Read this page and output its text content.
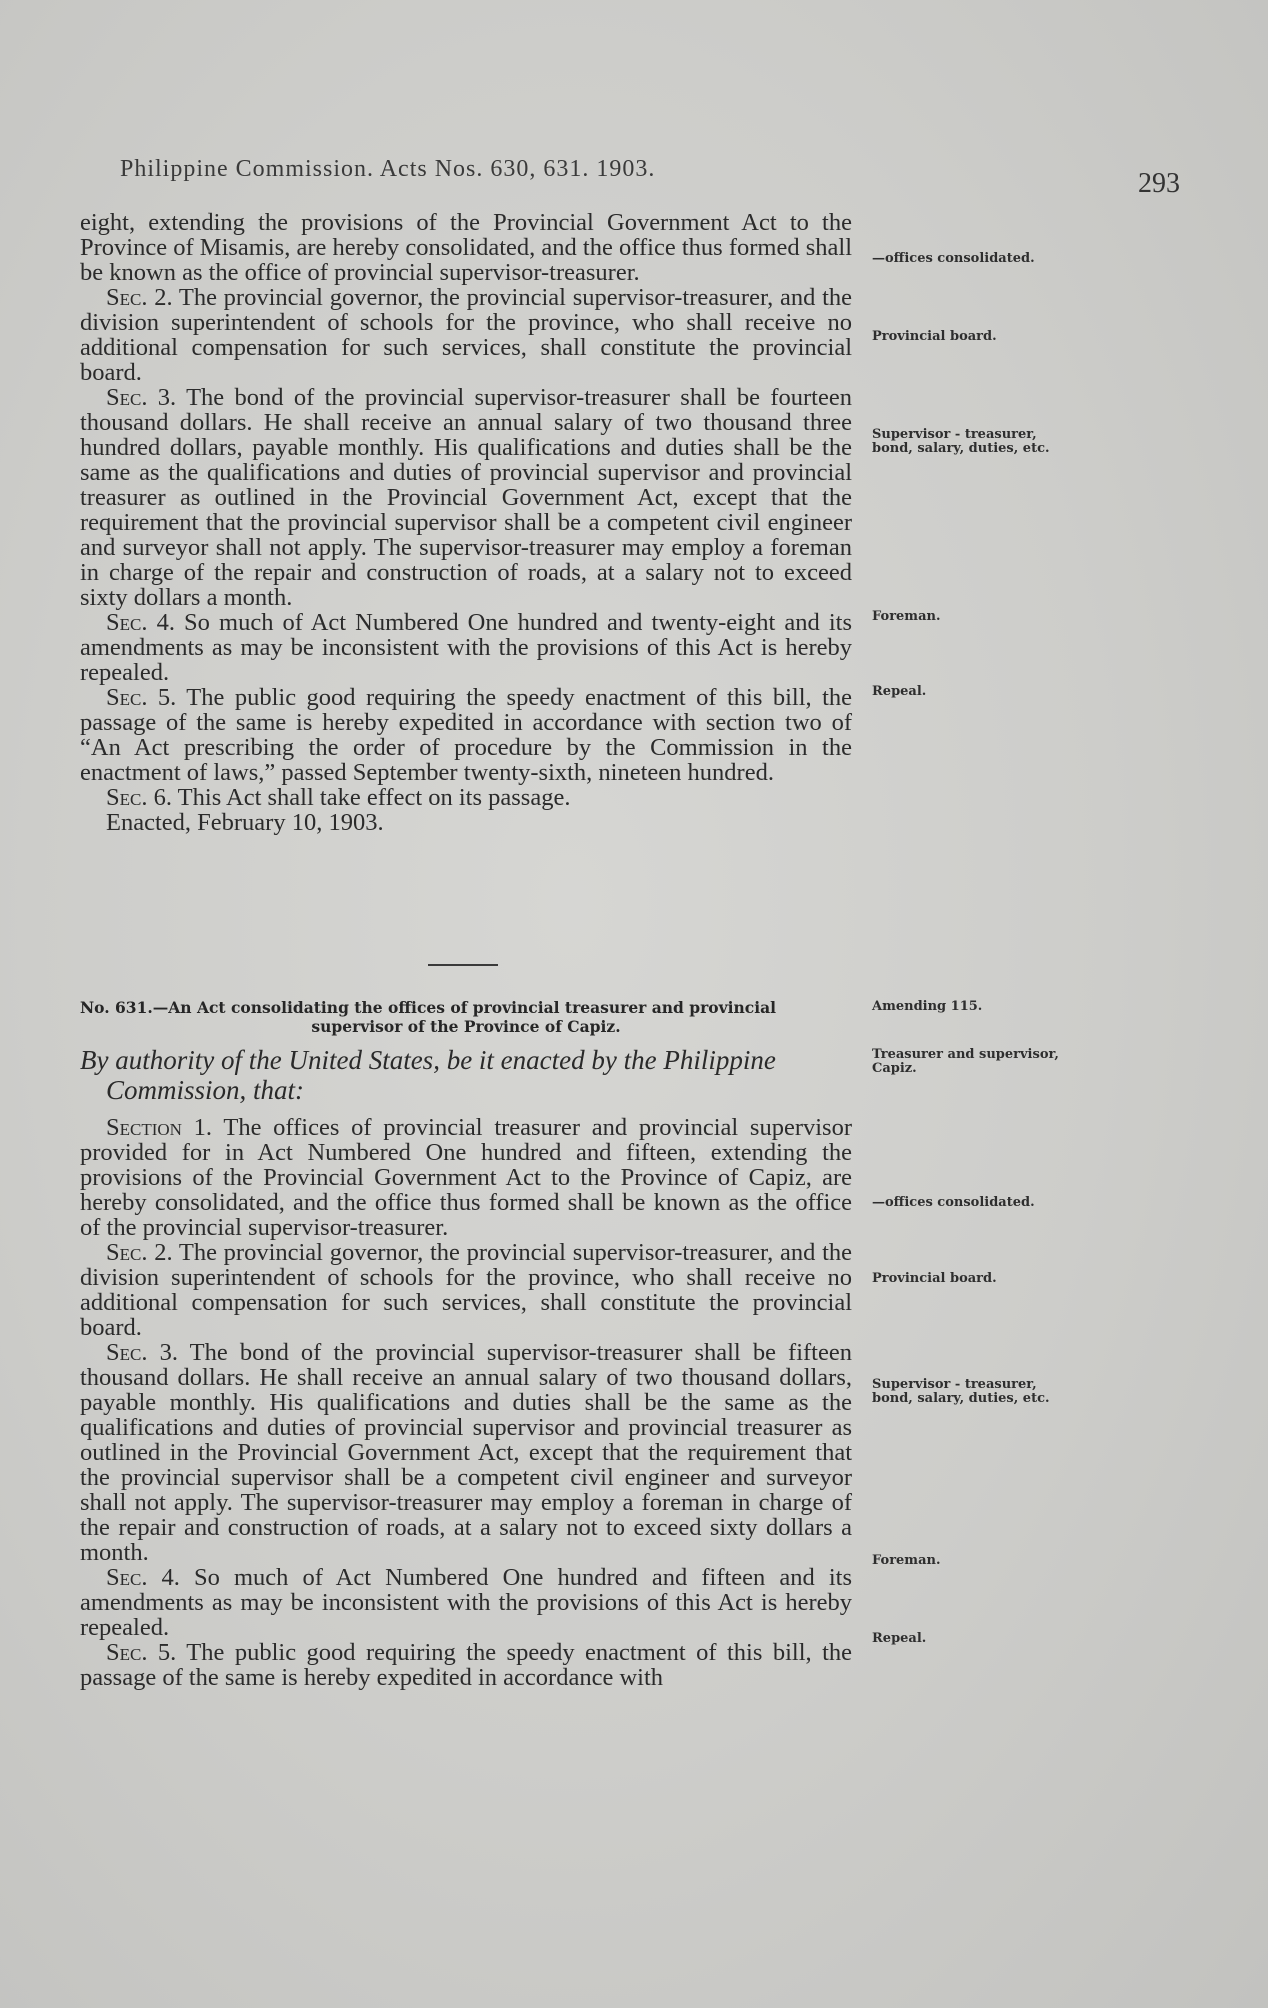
Philippine Commission. Acts Nos. 630, 631. 1903.	293

eight, extending the provisions of the Provincial Government Act to the Province of Misamis, are hereby consolidated, and the office thus formed shall be known as the office of provincial supervisor-treasurer.

Sec. 2. The provincial governor, the provincial supervisor-treasurer, and the division superintendent of schools for the province, who shall receive no additional compensation for such services, shall constitute the provincial board.

Sec. 3. The bond of the provincial supervisor-treasurer shall be fourteen thousand dollars. He shall receive an annual salary of two thousand three hundred dollars, payable monthly. His qualifications and duties shall be the same as the qualifications and duties of provincial supervisor and provincial treasurer as outlined in the Provincial Government Act, except that the requirement that the provincial supervisor shall be a competent civil engineer and surveyor shall not apply. The supervisor-treasurer may employ a foreman in charge of the repair and construction of roads, at a salary not to exceed sixty dollars a month.

Sec. 4. So much of Act Numbered One hundred and twenty-eight and its amendments as may be inconsistent with the provisions of this Act is hereby repealed.

Sec. 5. The public good requiring the speedy enactment of this bill, the passage of the same is hereby expedited in accordance with section two of “An Act prescribing the order of procedure by the Commission in the enactment of laws,” passed September twenty-sixth, nineteen hundred.

Sec. 6. This Act shall take effect on its passage.

Enacted, February 10, 1903.

—offices consolidated.
Provincial board.
Supervisor - treasurer, bond, salary, duties, etc.
Foreman.
Repeal.
No. 631.—An Act consolidating the offices of provincial treasurer and provincial
supervisor of the Province of Capiz.
By authority of the United States, be it enacted by the Philippine
Commission, that:

Section 1. The offices of provincial treasurer and provincial supervisor provided for in Act Numbered One hundred and fifteen, extending the provisions of the Provincial Government Act to the Province of Capiz, are hereby consolidated, and the office thus formed shall be known as the office of the provincial supervisor-treasurer.

Sec. 2. The provincial governor, the provincial supervisor-treasurer, and the division superintendent of schools for the province, who shall receive no additional compensation for such services, shall constitute the provincial board.

Sec. 3. The bond of the provincial supervisor-treasurer shall be fifteen thousand dollars. He shall receive an annual salary of two thousand dollars, payable monthly. His qualifications and duties shall be the same as the qualifications and duties of provincial supervisor and provincial treasurer as outlined in the Provincial Government Act, except that the requirement that the provincial supervisor shall be a competent civil engineer and surveyor shall not apply. The supervisor-treasurer may employ a foreman in charge of the repair and construction of roads, at a salary not to exceed sixty dollars a month.

Sec. 4. So much of Act Numbered One hundred and fifteen and its amendments as may be inconsistent with the provisions of this Act is hereby repealed.

Sec. 5. The public good requiring the speedy enactment of this bill, the passage of the same is hereby expedited in accordance with

Amending 115.
Treasurer and supervisor, Capiz.
—offices consolidated.
Provincial board.
Supervisor - treasurer, bond, salary, duties, etc.
Foreman.
Repeal.
